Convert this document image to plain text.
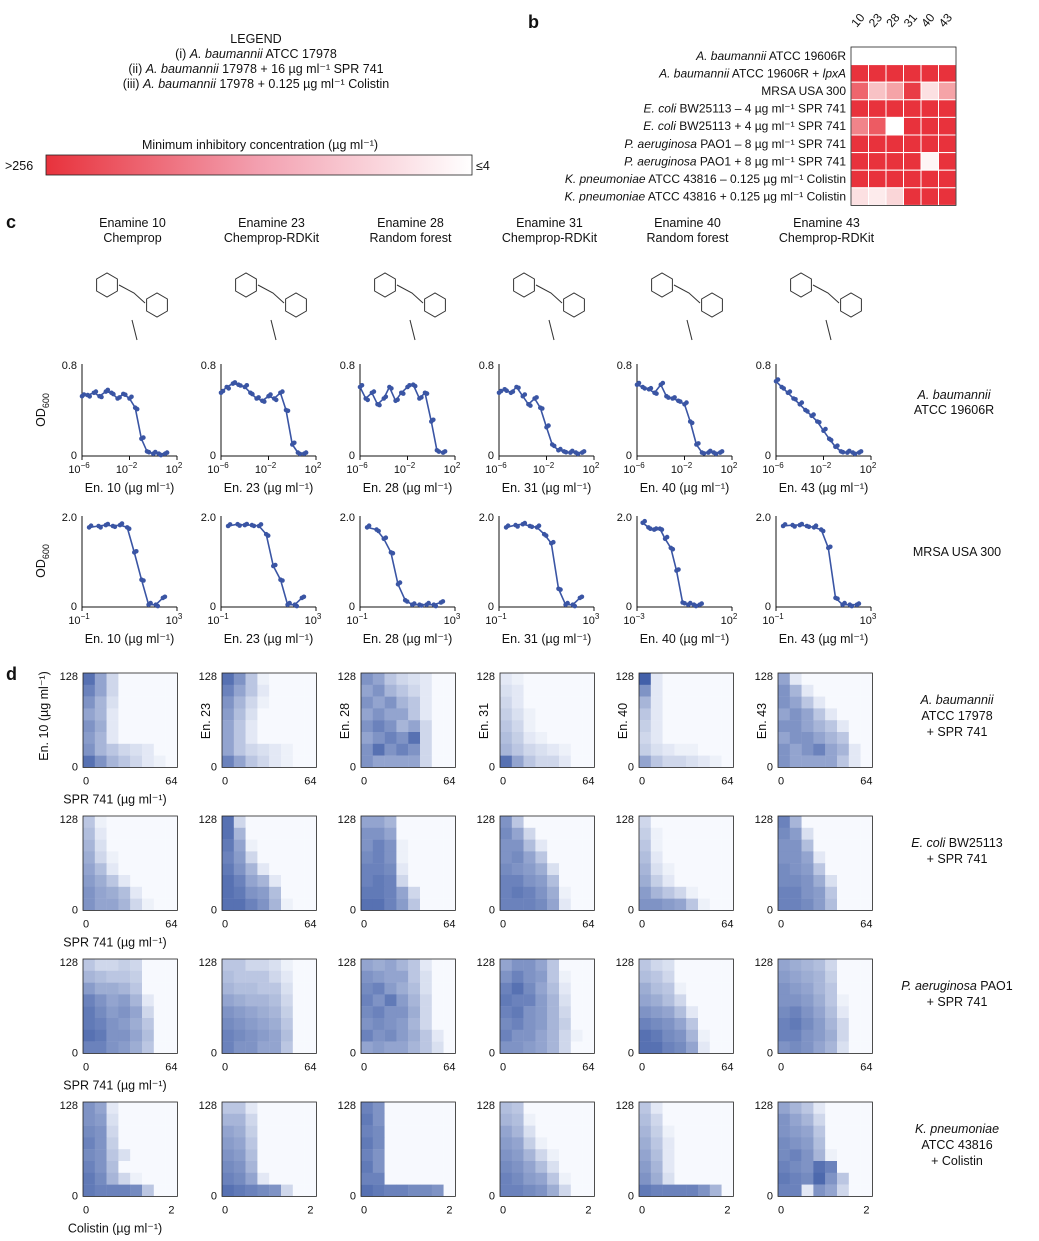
LEGEND
(i) A. baumannii ATCC 17978
(ii) A. baumannii 17978 + 16 µg ml⁻¹ SPR 741
(iii) A. baumannii 17978 + 0.125 µg ml⁻¹ Colistin
Minimum inhibitory concentration (µg ml⁻¹)
>256	≤4
b
c
d
10
23
28
31
40
43
A. baumannii ATCC 19606R
A. baumannii ATCC 19606R + lpxA
MRSA USA 300
E. coli BW25113 – 4 µg ml⁻¹ SPR 741
E. coli BW25113 + 4 µg ml⁻¹ SPR 741
P. aeruginosa PAO1 – 8 µg ml⁻¹ SPR 741
P. aeruginosa PAO1 + 8 µg ml⁻¹ SPR 741
K. pneumoniae ATCC 43816 – 0.125 µg ml⁻¹ Colistin
K. pneumoniae ATCC 43816 + 0.125 µg ml⁻¹ Colistin
Enamine 10
Chemprop
Enamine 23
Chemprop-RDKit
Enamine 28
Random forest
Enamine 31
Chemprop-RDKit
Enamine 40
Random forest
Enamine 43
Chemprop-RDKit
0.8
0
$10^{-6}$ $10^{-2}$	$10^2$
En. 10 (µg ml⁻¹)
0.8
0
$10^{-6}$ $10^{-2}$	$10^2$
En. 23 (µg ml⁻¹)
0.8
0
$10^{-6}$ $10^{-2}$	$10^2$
En. 28 (µg ml⁻¹)
0.8
0
$10^{-6}$ $10^{-2}$	$10^2$
En. 31 (µg ml⁻¹)
0.8
0
$10^{-6}$ $10^{-2}$	$10^2$
En. 40 (µg ml⁻¹)
0.8
0
$10^{-6}$ $10^{-2}$	$10^2$
En. 43 (µg ml⁻¹)
2.0
0
$10^{-1}$	$10^3$
En. 10 (µg ml⁻¹)
2.0
0
$10^{-1}$	$10^3$
En. 23 (µg ml⁻¹)
2.0
0
$10^{-1}$	$10^3$
En. 28 (µg ml⁻¹)
2.0
0
$10^{-1}$	$10^3$
En. 31 (µg ml⁻¹)
2.0
0
$10^{-3}$	$10^2$
En. 40 (µg ml⁻¹)
2.0
0
$10^{-1}$	$10^3$
En. 43 (µg ml⁻¹)
$OD_{600}$
$OD_{600}$
A. baumannii
ATCC 19606R
MRSA USA 300
128
0
0	64
En. 10 (µg ml⁻¹)	128
0
0	64
En. 23
128
0
0	64
En. 28
128
0
0	64
En. 31
128
0
0	64
En. 40
128
0
0	64
En. 43
SPR 741 (µg ml⁻¹)
A. baumannii
ATCC 17978
+ SPR 741
128
0
0	64
128
0
0	64
128
0
0	64
128
0
0	64
128
0
0	64
128
0
0	64
SPR 741 (µg ml⁻¹)
E. coli BW25113
+ SPR 741
128
0
0	64
128
0
0	64
128
0
0	64
128
0
0	64
128
0
0	64
128
0
0	64
SPR 741 (µg ml⁻¹)
P. aeruginosa PAO1
+ SPR 741
128
0
0	2
128
0
0	2
128
0
0	2
128
0
0	2
128
0
0	2
128
0
0	2
Colistin (µg ml⁻¹)
K. pneumoniae
ATCC 43816
+ Colistin
